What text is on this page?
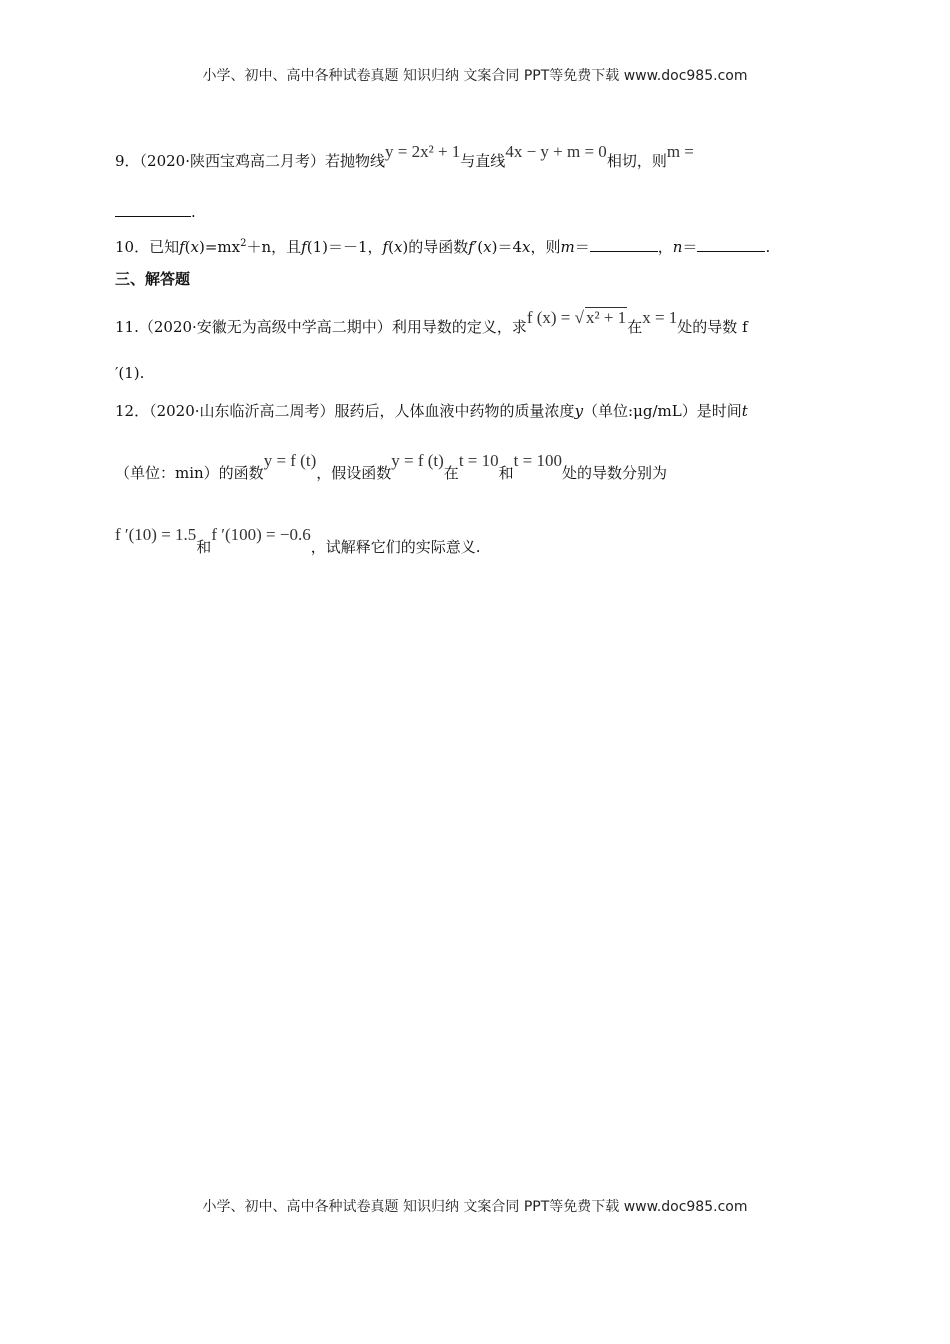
小学、初中、高中各种试卷真题 知识归纳 文案合同 PPT等免费下载 www.doc985.com
9．（2020·陕西宝鸡高二月考）若抛物线y = 2x² + 1与直线4x − y + m = 0相切，则m =
.
10．已知$f(x)=mx^2+n$，且f(1)＝－1，f(x)的导函数f′(x)＝4x，则m＝	，n＝	.
三、解答题
11.（2020·安徽无为高级中学高二期中）利用导数的定义，求f (x) = √ x² + 1在x = 1处的导数 f
′(1).
12．（2020·山东临沂高二周考）服药后，人体血液中药物的质量浓度y（单位:μg/mL）是时间t
（单位：min）的函数y = f (t)，假设函数y = f (t)在t = 10和t = 100处的导数分别为
f ′(10) = 1.5和f ′(100) = −0.6，试解释它们的实际意义.
小学、初中、高中各种试卷真题 知识归纳 文案合同 PPT等免费下载 www.doc985.com
